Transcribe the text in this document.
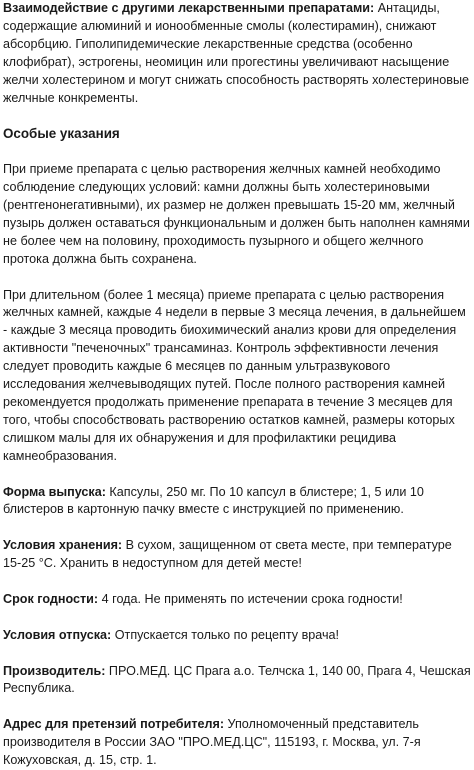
Взаимодействие с другими лекарственными препаратами: Антациды, содержащие алюминий и ионообменные смолы (колестирамин), снижают абсорбцию. Гиполипидемические лекарственные средства (особенно клофибрат), эстрогены, неомицин или прогестины увеличивают насыщение желчи холестерином и могут снижать способность растворять холестериновые желчные конкременты.

Особые указания

При приеме препарата с целью растворения желчных камней необходимо соблюдение следующих условий: камни должны быть холестериновыми (рентгенонегативными), их размер не должен превышать 15-20 мм, желчный пузырь должен оставаться функциональным и должен быть наполнен камнями не более чем на половину, проходимость пузырного и общего желчного протока должна быть сохранена.

При длительном (более 1 месяца) приеме препарата с целью растворения желчных камней, каждые 4 недели в первые 3 месяца лечения, в дальнейшем - каждые 3 месяца проводить биохимический анализ крови для определения активности "печеночных" трансаминаз. Контроль эффективности лечения следует проводить каждые 6 месяцев по данным ультразвукового исследования желчевыводящих путей. После полного растворения камней рекомендуется продолжать применение препарата в течение 3 месяцев для того, чтобы способствовать растворению остатков камней, размеры которых слишком малы для их обнаружения и для профилактики рецидива камнеобразования.

Форма выпуска: Капсулы, 250 мг. По 10 капсул в блистере; 1, 5 или 10 блистеров в картонную пачку вместе с инструкцией по применению.

Условия хранения: В сухом, защищенном от света месте, при температуре 15-25 °С. Хранить в недоступном для детей месте!

Срок годности: 4 года. Не применять по истечении срока годности!

Условия отпуска: Отпускается только по рецепту врача!

Производитель: ПРО.МЕД. ЦС Прага а.о. Телчска 1, 140 00, Прага 4, Чешская Республика.

Адрес для претензий потребителя: Уполномоченный представитель производителя в России ЗАО "ПРО.МЕД.ЦС", 115193, г. Москва, ул. 7-я Кожуховская, д. 15, стр. 1.
